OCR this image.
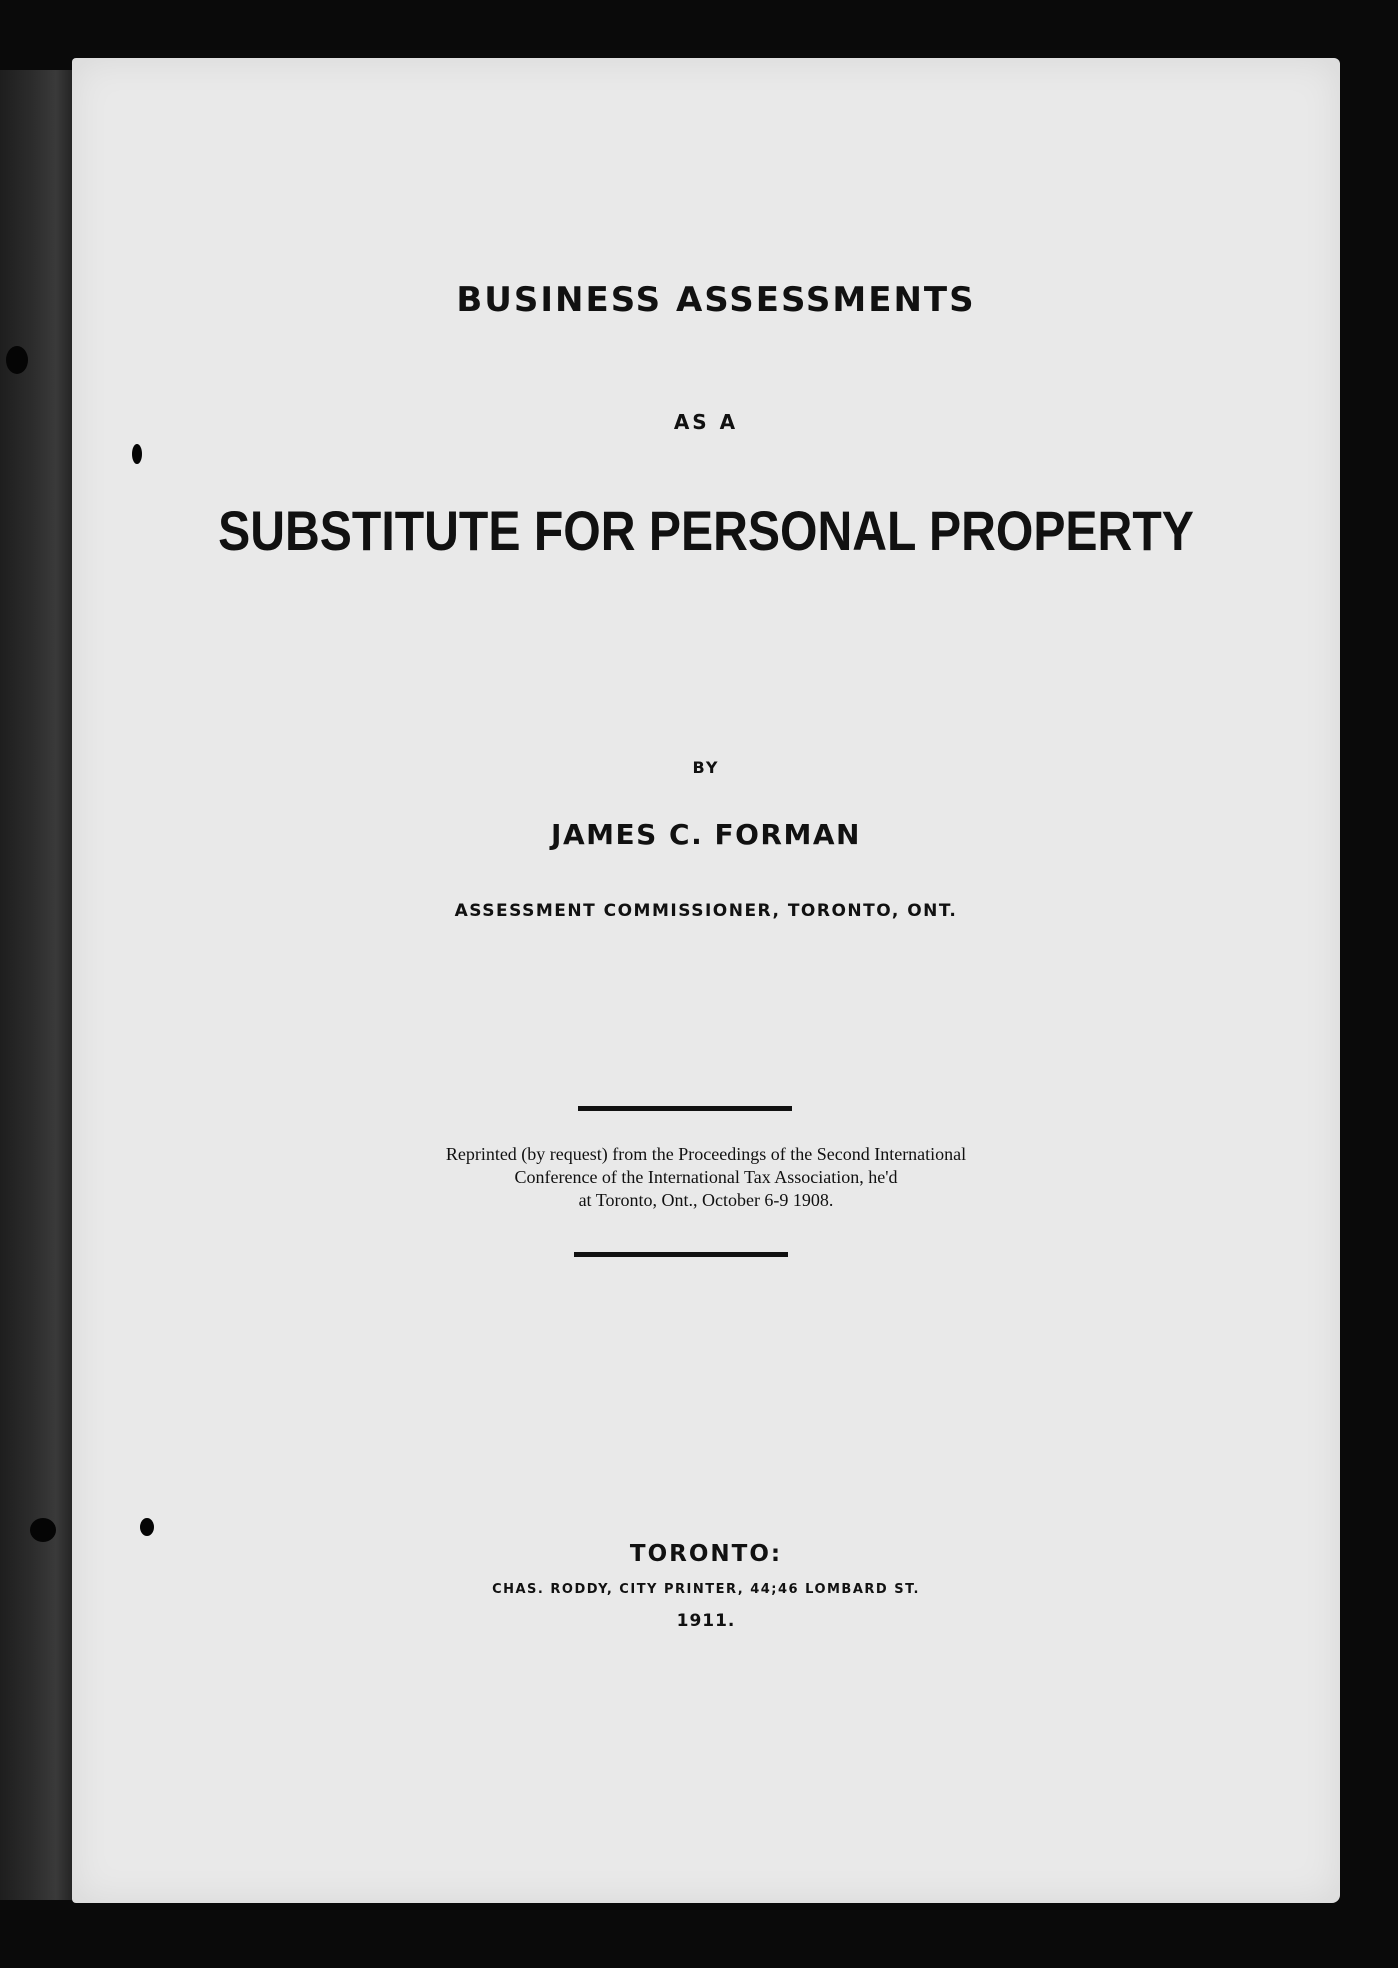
BUSINESS ASSESSMENTS

AS A

SUBSTITUTE FOR PERSONAL PROPERTY

BY

JAMES C. FORMAN

ASSESSMENT COMMISSIONER, TORONTO, ONT.

Reprinted (by request) from the Proceedings of the Second International
Conference of the International Tax Association, he'd
at Toronto, Ont., October 6-9 1908.

TORONTO:

CHAS. RODDY, CITY PRINTER, 44;46 LOMBARD ST.

1911.
